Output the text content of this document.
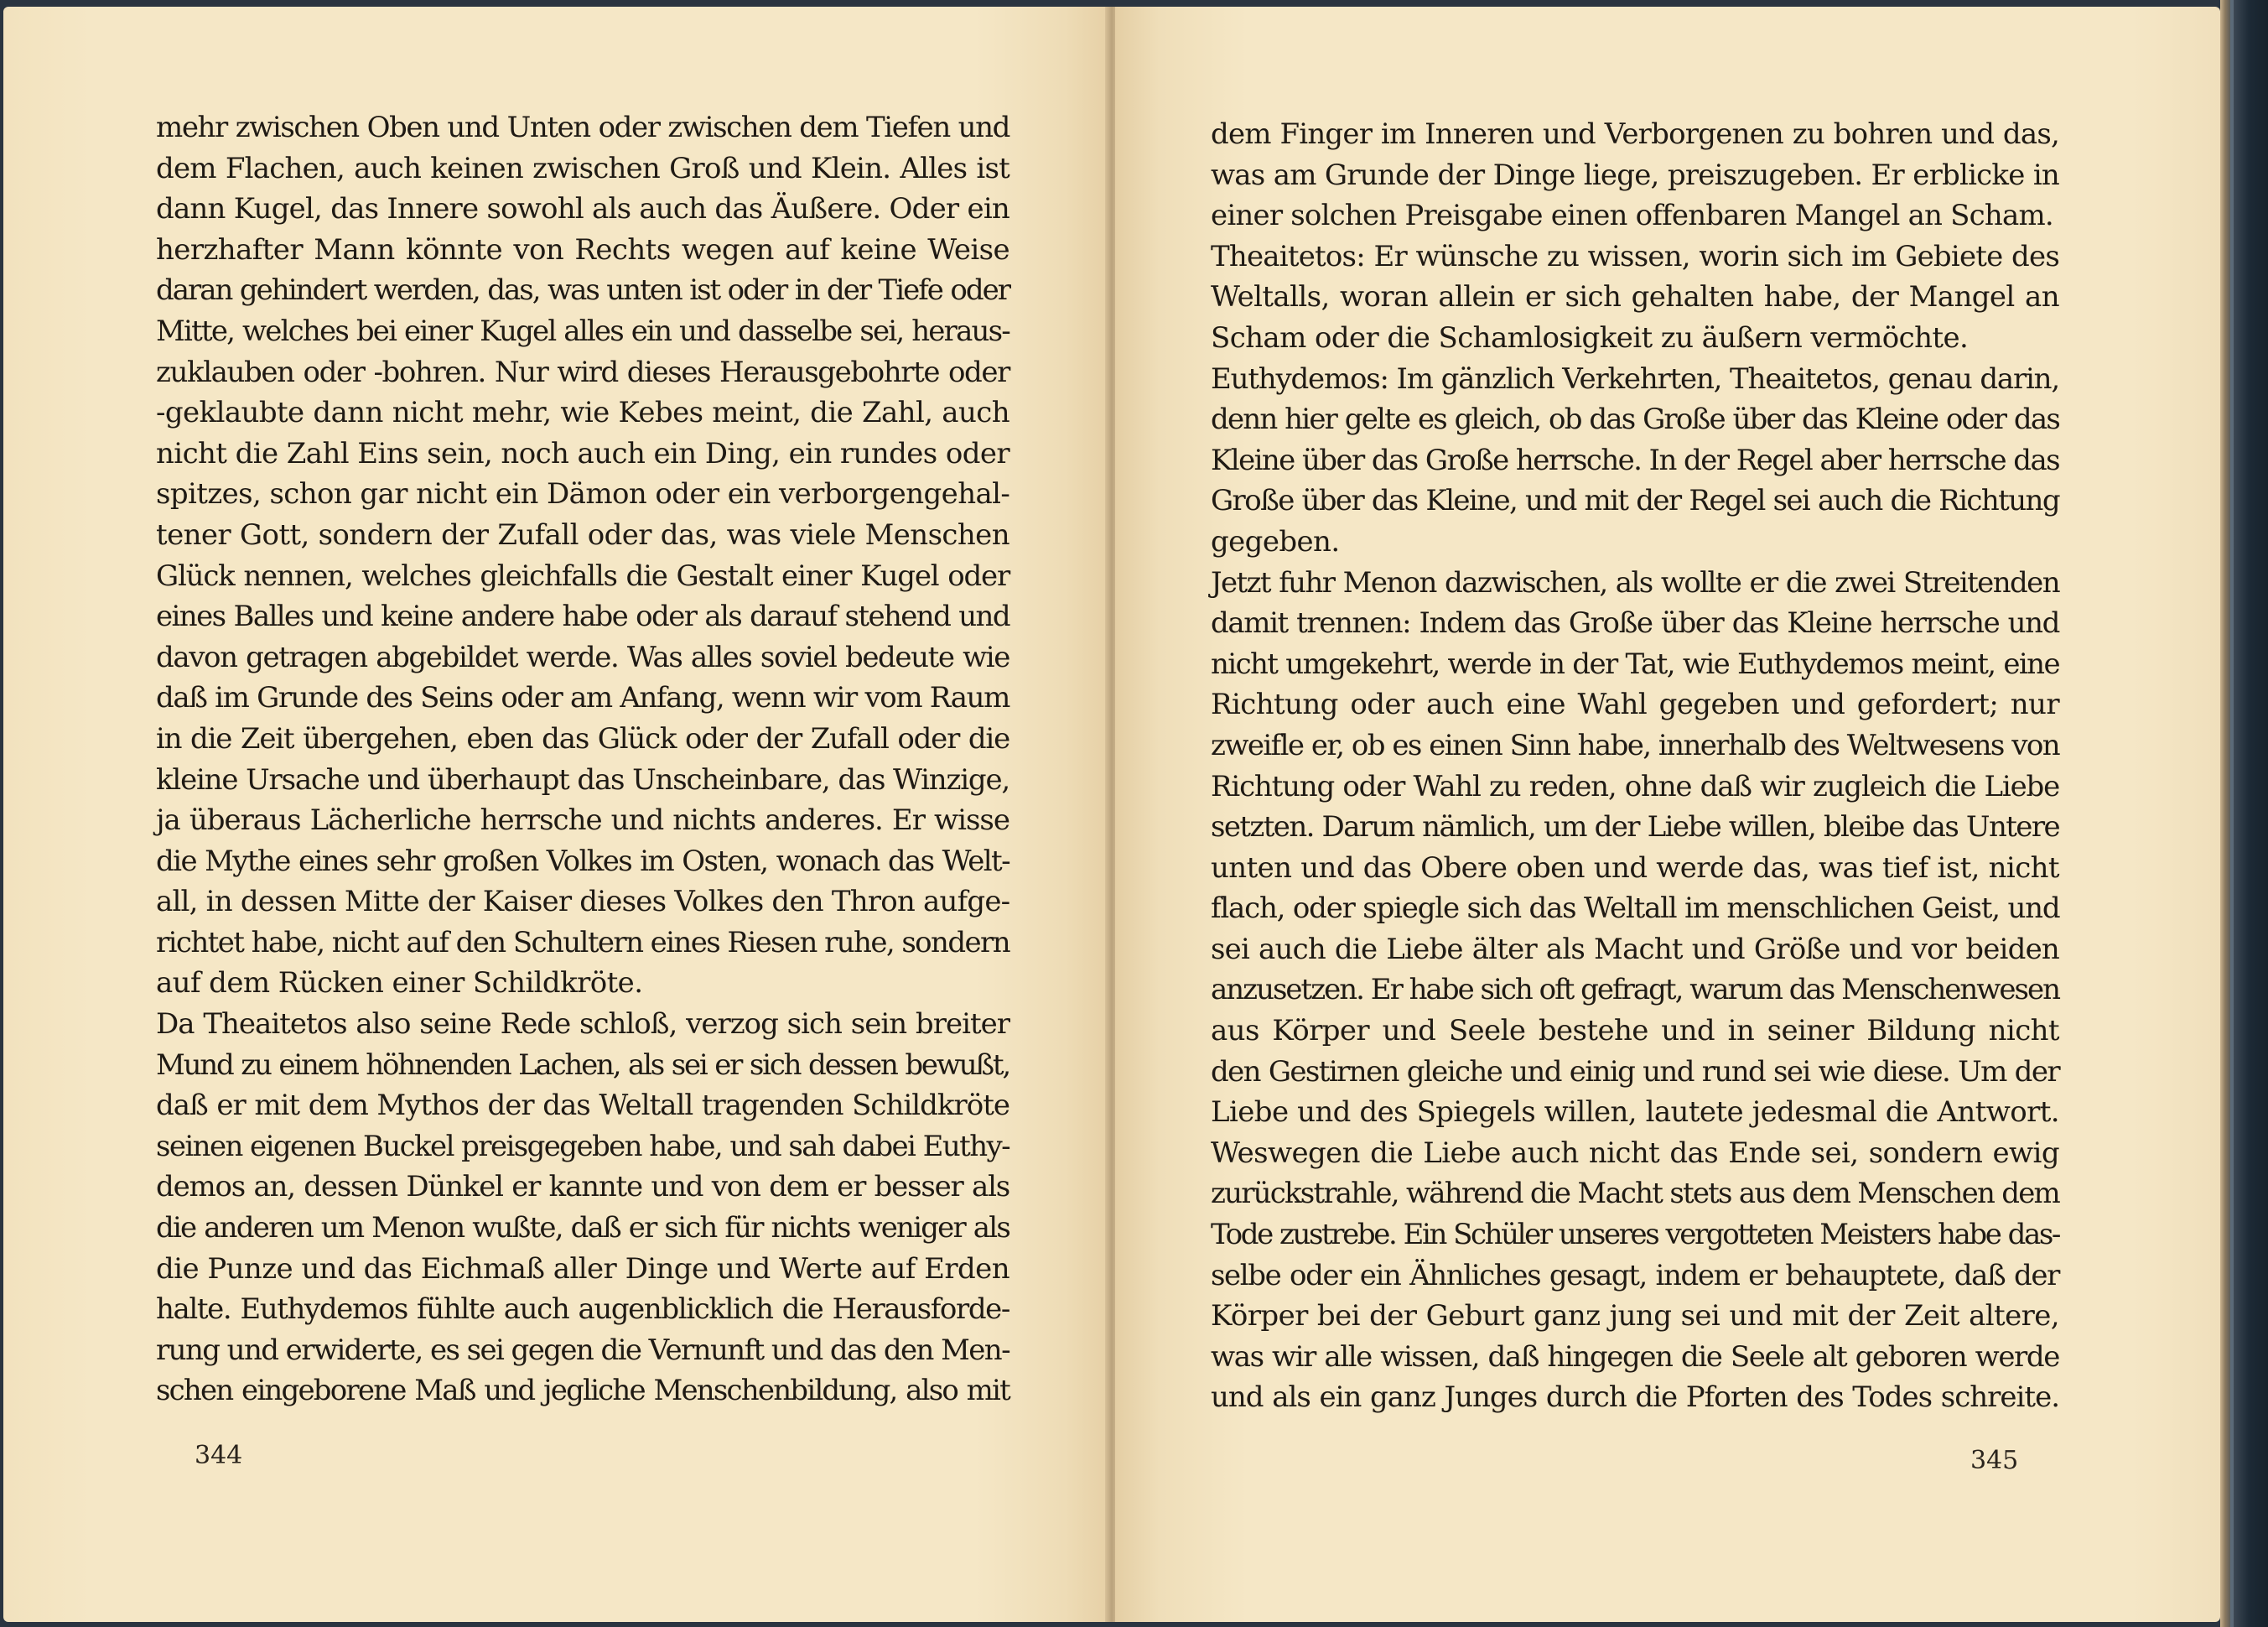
mehr zwischen Oben und Unten oder zwischen dem Tiefen und
dem Flachen, auch keinen zwischen Groß und Klein. Alles ist
dann Kugel, das Innere sowohl als auch das Äußere. Oder ein
herzhafter Mann könnte von Rechts wegen auf keine Weise
daran gehindert werden, das, was unten ist oder in der Tiefe oder
Mitte, welches bei einer Kugel alles ein und dasselbe sei, heraus-
zuklauben oder -bohren. Nur wird dieses Herausgebohrte oder
-geklaubte dann nicht mehr, wie Kebes meint, die Zahl, auch
nicht die Zahl Eins sein, noch auch ein Ding, ein rundes oder
spitzes, schon gar nicht ein Dämon oder ein verborgengehal-
tener Gott, sondern der Zufall oder das, was viele Menschen
Glück nennen, welches gleichfalls die Gestalt einer Kugel oder
eines Balles und keine andere habe oder als darauf stehend und
davon getragen abgebildet werde. Was alles soviel bedeute wie
daß im Grunde des Seins oder am Anfang, wenn wir vom Raum
in die Zeit übergehen, eben das Glück oder der Zufall oder die
kleine Ursache und überhaupt das Unscheinbare, das Winzige,
ja überaus Lächerliche herrsche und nichts anderes. Er wisse
die Mythe eines sehr großen Volkes im Osten, wonach das Welt-
all, in dessen Mitte der Kaiser dieses Volkes den Thron aufge-
richtet habe, nicht auf den Schultern eines Riesen ruhe, sondern
auf dem Rücken einer Schildkröte.
Da Theaitetos also seine Rede schloß, verzog sich sein breiter
Mund zu einem höhnenden Lachen, als sei er sich dessen bewußt,
daß er mit dem Mythos der das Weltall tragenden Schildkröte
seinen eigenen Buckel preisgegeben habe, und sah dabei Euthy-
demos an, dessen Dünkel er kannte und von dem er besser als
die anderen um Menon wußte, daß er sich für nichts weniger als
die Punze und das Eichmaß aller Dinge und Werte auf Erden
halte. Euthydemos fühlte auch augenblicklich die Herausforde-
rung und erwiderte, es sei gegen die Vernunft und das den Men-
schen eingeborene Maß und jegliche Menschenbildung, also mit
344
dem Finger im Inneren und Verborgenen zu bohren und das,
was am Grunde der Dinge liege, preiszugeben. Er erblicke in
einer solchen Preisgabe einen offenbaren Mangel an Scham.
Theaitetos: Er wünsche zu wissen, worin sich im Gebiete des
Weltalls, woran allein er sich gehalten habe, der Mangel an
Scham oder die Schamlosigkeit zu äußern vermöchte.
Euthydemos: Im gänzlich Verkehrten, Theaitetos, genau darin,
denn hier gelte es gleich, ob das Große über das Kleine oder das
Kleine über das Große herrsche. In der Regel aber herrsche das
Große über das Kleine, und mit der Regel sei auch die Richtung
gegeben.
Jetzt fuhr Menon dazwischen, als wollte er die zwei Streitenden
damit trennen: Indem das Große über das Kleine herrsche und
nicht umgekehrt, werde in der Tat, wie Euthydemos meint, eine
Richtung oder auch eine Wahl gegeben und gefordert; nur
zweifle er, ob es einen Sinn habe, innerhalb des Weltwesens von
Richtung oder Wahl zu reden, ohne daß wir zugleich die Liebe
setzten. Darum nämlich, um der Liebe willen, bleibe das Untere
unten und das Obere oben und werde das, was tief ist, nicht
flach, oder spiegle sich das Weltall im menschlichen Geist, und
sei auch die Liebe älter als Macht und Größe und vor beiden
anzusetzen. Er habe sich oft gefragt, warum das Menschenwesen
aus Körper und Seele bestehe und in seiner Bildung nicht
den Gestirnen gleiche und einig und rund sei wie diese. Um der
Liebe und des Spiegels willen, lautete jedesmal die Antwort.
Weswegen die Liebe auch nicht das Ende sei, sondern ewig
zurückstrahle, während die Macht stets aus dem Menschen dem
Tode zustrebe. Ein Schüler unseres vergotteten Meisters habe das-
selbe oder ein Ähnliches gesagt, indem er behauptete, daß der
Körper bei der Geburt ganz jung sei und mit der Zeit altere,
was wir alle wissen, daß hingegen die Seele alt geboren werde
und als ein ganz Junges durch die Pforten des Todes schreite.
345
